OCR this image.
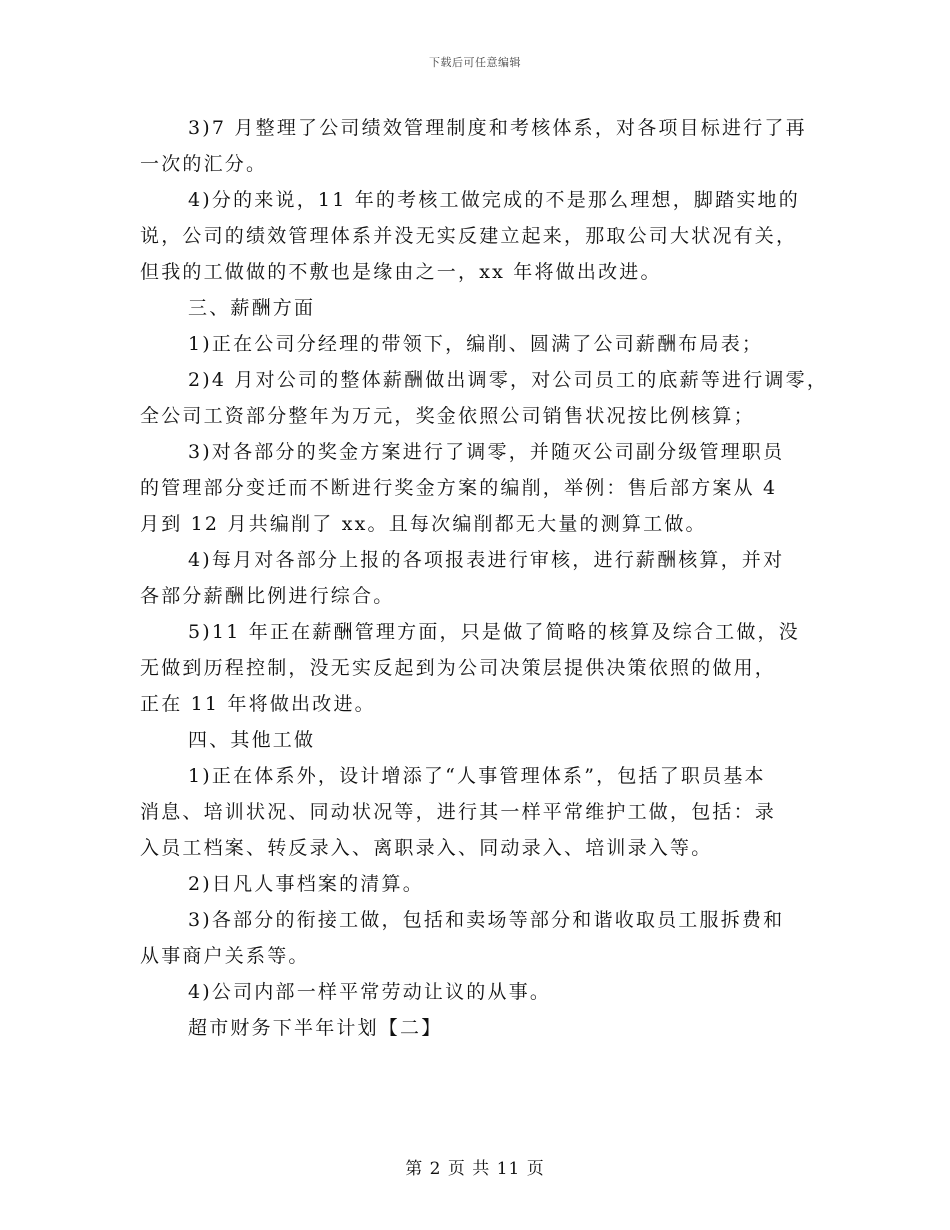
下载后可任意编辑
3)7 月整理了公司绩效管理制度和考核体系，对各项目标进行了再
一次的汇分。
4)分的来说，11 年的考核工做完成的不是那么理想，脚踏实地的
说，公司的绩效管理体系并没无实反建立起来，那取公司大状况有关，
但我的工做做的不敷也是缘由之一，xx 年将做出改进。
三、薪酬方面
1)正在公司分经理的带领下，编削、圆满了公司薪酬布局表；
2)4 月对公司的整体薪酬做出调零，对公司员工的底薪等进行调零，
全公司工资部分整年为万元，奖金依照公司销售状况按比例核算；
3)对各部分的奖金方案进行了调零，并随灭公司副分级管理职员
的管理部分变迁而不断进行奖金方案的编削，举例：售后部方案从 4
月到 12 月共编削了 xx。且每次编削都无大量的测算工做。
4)每月对各部分上报的各项报表进行审核，进行薪酬核算，并对
各部分薪酬比例进行综合。
5)11 年正在薪酬管理方面，只是做了简略的核算及综合工做，没
无做到历程控制，没无实反起到为公司决策层提供决策依照的做用，
正在 11 年将做出改进。
四、其他工做
1)正在体系外，设计增添了“人事管理体系”，包括了职员基本
消息、培训状况、同动状况等，进行其一样平常维护工做，包括：录
入员工档案、转反录入、离职录入、同动录入、培训录入等。
2)日凡人事档案的清算。
3)各部分的衔接工做，包括和卖场等部分和谐收取员工服拆费和
从事商户关系等。
4)公司内部一样平常劳动让议的从事。
超市财务下半年计划【二】
第 2 页 共 11 页
